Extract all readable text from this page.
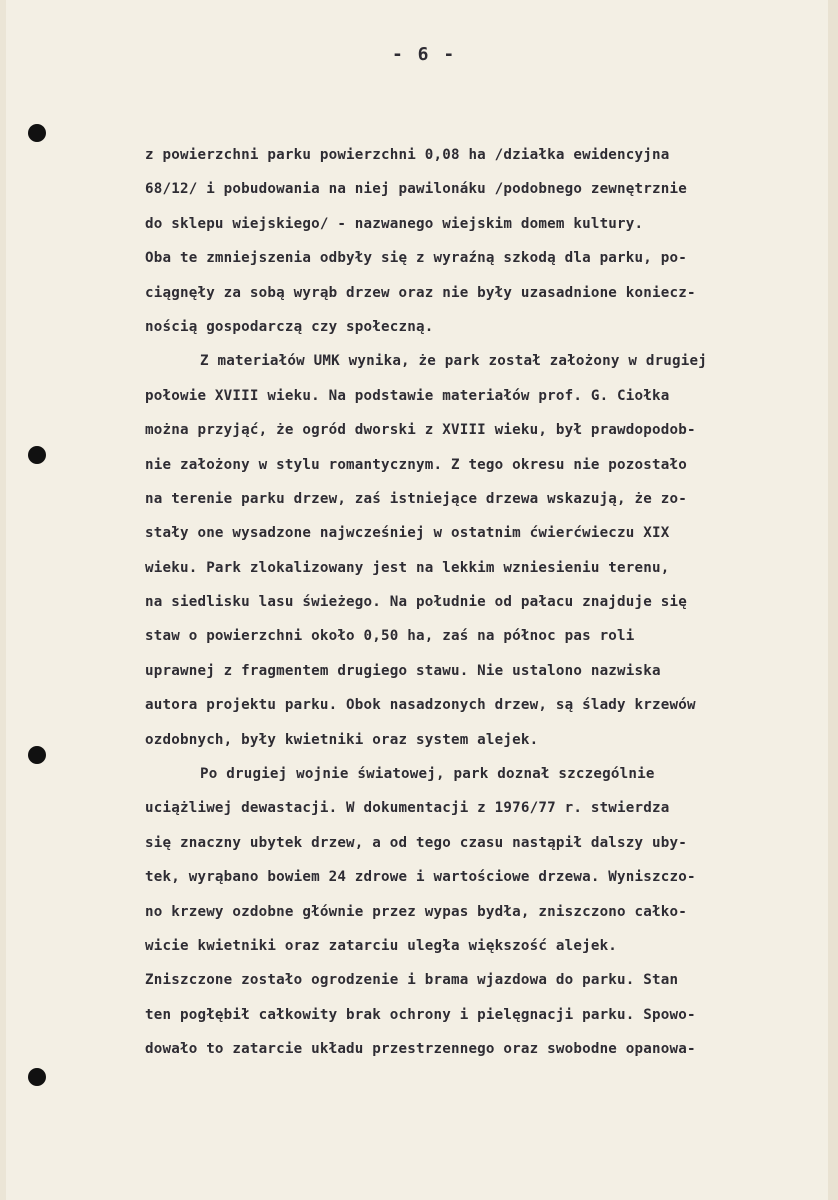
- 6 -
z powierzchni parku powierzchni 0,08 ha /działka ewidencyjna
68/12/ i pobudowania na niej pawilonáku /podobnego zewnętrznie
do sklepu wiejskiego/ - nazwanego wiejskim domem kultury.
Oba te zmniejszenia odbyły się z wyraźną szkodą dla parku, po-
ciągnęły za sobą wyrąb drzew oraz nie były uzasadnione koniecz-
nością gospodarczą czy społeczną.
Z materiałów UMK wynika, że park został założony w drugiej
połowie XVIII wieku. Na podstawie materiałów prof. G. Ciołka
można przyjąć, że ogród dworski z XVIII wieku, był prawdopodob-
nie założony w stylu romantycznym. Z tego okresu nie pozostało
na terenie parku drzew, zaś istniejące drzewa wskazują, że zo-
stały one wysadzone najwcześniej w ostatnim ćwierćwieczu XIX
wieku. Park zlokalizowany jest na lekkim wzniesieniu terenu,
na siedlisku lasu świeżego. Na południe od pałacu znajduje się
staw o powierzchni około 0,50 ha, zaś na północ pas roli
uprawnej z fragmentem drugiego stawu. Nie ustalono nazwiska
autora projektu parku. Obok nasadzonych drzew, są ślady krzewów
ozdobnych, były kwietniki oraz system alejek.
Po drugiej wojnie światowej, park doznał szczególnie
uciążliwej dewastacji. W dokumentacji z 1976/77 r. stwierdza
się znaczny ubytek drzew, a od tego czasu nastąpił dalszy uby-
tek, wyrąbano bowiem 24 zdrowe i wartościowe drzewa. Wyniszczo-
no krzewy ozdobne głównie przez wypas bydła, zniszczono całko-
wicie kwietniki oraz zatarciu uległa większość alejek.
Zniszczone zostało ogrodzenie i brama wjazdowa do parku. Stan
ten pogłębił całkowity brak ochrony i pielęgnacji parku. Spowo-
dowało to zatarcie układu przestrzennego oraz swobodne opanowa-
